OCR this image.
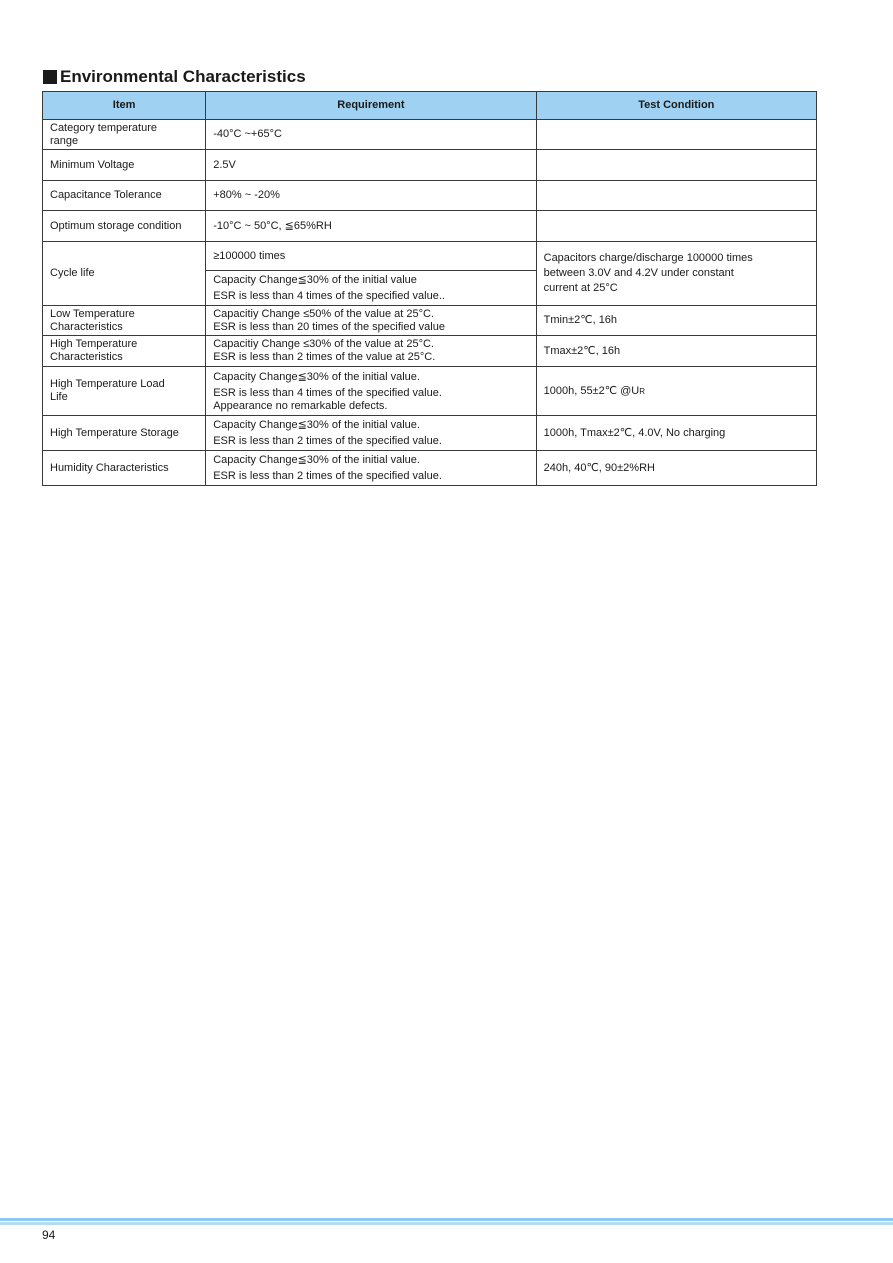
Environmental Characteristics
Item	Requirement	Test Condition

Category temperature
range	-40°C ~+65°C	

Minimum Voltage	2.5V	

Capacitance Tolerance	+80% ~ -20%	

Optimum storage condition	-10°C ~ 50°C, ≦65%RH	

Cycle life	≥100000 times	Capacitors charge/discharge 100000 times
between 3.0V and 4.2V under constant
current at 25°C

	Capacity Change≦30% of the initial value
ESR is less than 4 times of the specified value..	

Low Temperature
Characteristics	Capacitiy Change ≤50% of the value at 25°C.
ESR is less than 20 times of the specified value	Tmin±2℃, 16h

High Temperature
Characteristics	Capacitiy Change ≤30% of the value at 25°C.
ESR is less than 2 times of the value at 25°C.	Tmax±2℃, 16h

High Temperature Load
Life	Capacity Change≦30% of the initial value.
ESR is less than 4 times of the specified value.
Appearance no remarkable defects.	1000h, 55±2℃ @UR

High Temperature Storage	Capacity Change≦30% of the initial value.
ESR is less than 2 times of the specified value.	1000h, Tmax±2℃, 4.0V, No charging

Humidity Characteristics	Capacity Change≦30% of the initial value.
ESR is less than 2 times of the specified value.	240h, 40℃, 90±2%RH
94
